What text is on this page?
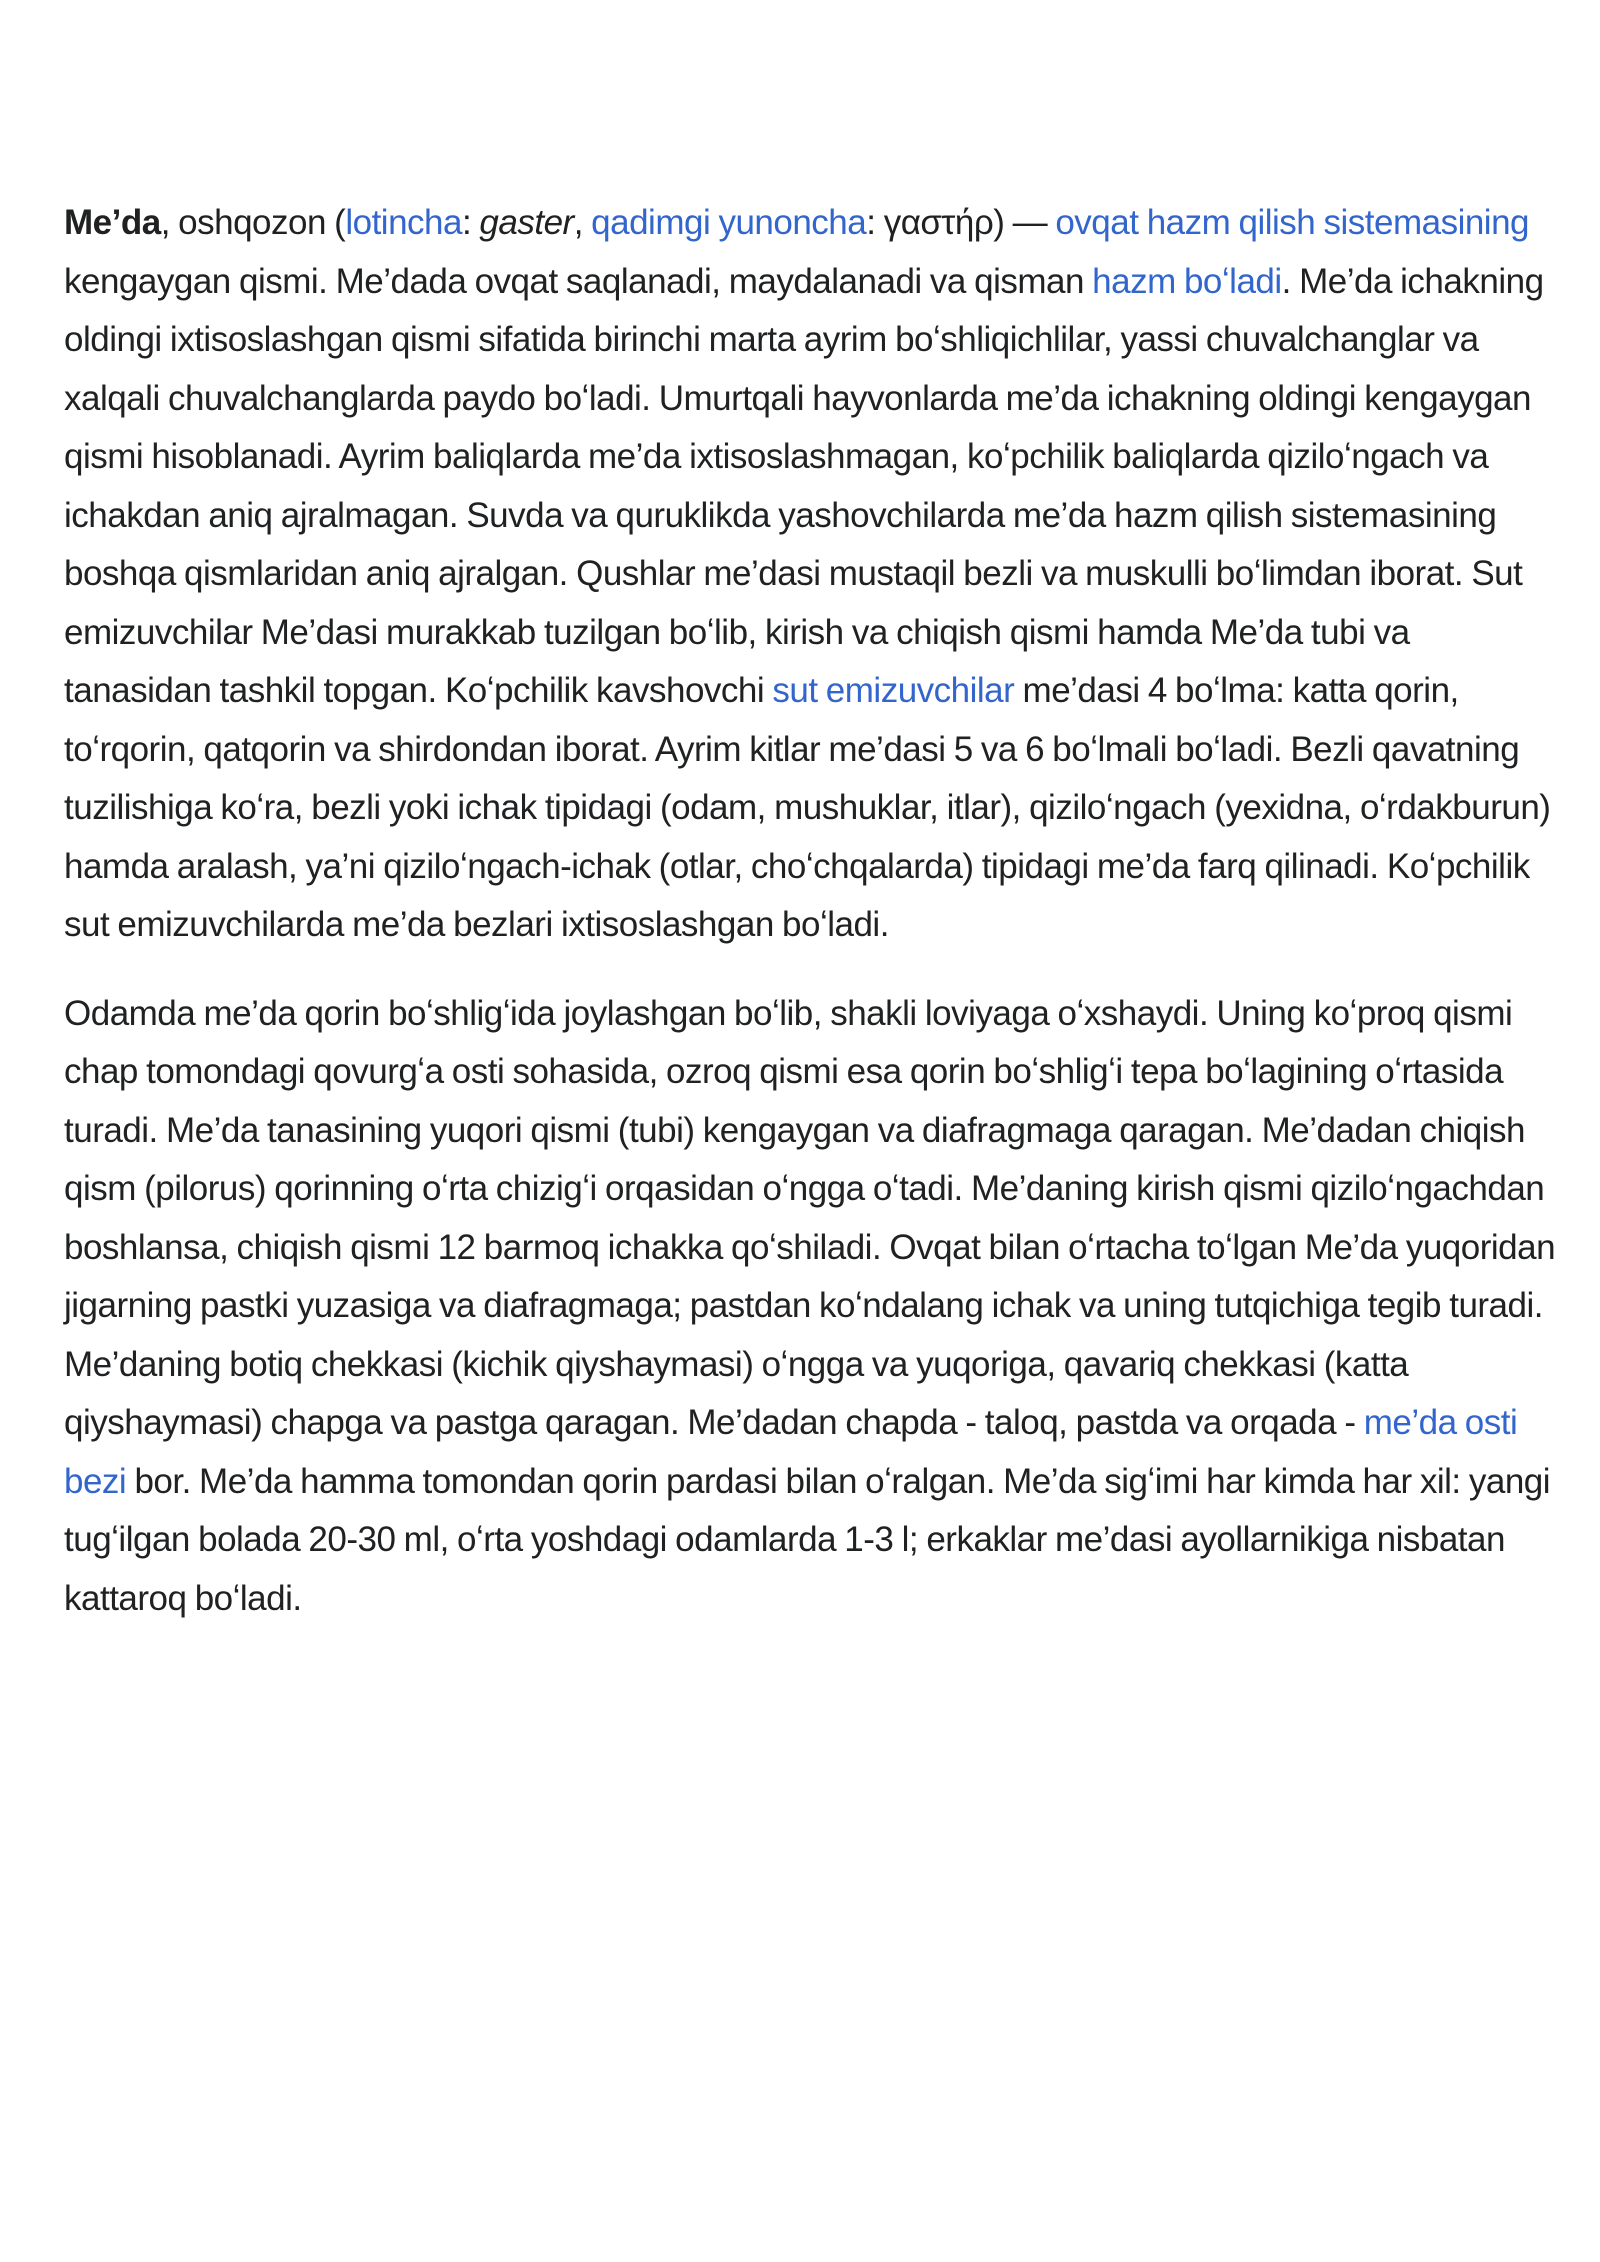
Me’da, oshqozon (lotincha: gaster, qadimgi yunoncha: γαστήρ) — ovqat hazm qilish sistemasining kengaygan qismi. Me’dada ovqat saqlanadi, maydalanadi va qisman hazm boʻladi. Me’da ichakning oldingi ixtisoslashgan qismi sifatida birinchi marta ayrim boʻshliqichlilar, yassi chuvalchanglar va xalqali chuvalchanglarda paydo boʻladi. Umurtqali hayvonlarda me’da ichakning oldingi kengaygan qismi hisoblanadi. Ayrim baliqlarda me’da ixtisoslashmagan, koʻpchilik baliqlarda qiziloʻngach va ichakdan aniq ajralmagan. Suvda va quruklikda yashovchilarda me’da hazm qilish sistemasining boshqa qismlaridan aniq ajralgan. Qushlar me’dasi mustaqil bezli va muskulli boʻlimdan iborat. Sut emizuvchilar Me’dasi murakkab tuzilgan boʻlib, kirish va chiqish qismi hamda Me’da tubi va tanasidan tashkil topgan. Koʻpchilik kavshovchi sut emizuvchilar me’dasi 4 boʻlma: katta qorin, toʻrqorin, qatqorin va shirdondan iborat. Ayrim kitlar me’dasi 5 va 6 boʻlmali boʻladi. Bezli qavatning tuzilishiga koʻra, bezli yoki ichak tipidagi (odam, mushuklar, itlar), qiziloʻngach (yexidna, oʻrdakburun) hamda aralash, ya’ni qiziloʻngach-ichak (otlar, choʻchqalarda) tipidagi me’da farq qilinadi. Koʻpchilik sut emizuvchilarda me’da bezlari ixtisoslashgan boʻladi.

Odamda me’da qorin boʻshligʻida joylashgan boʻlib, shakli loviyaga oʻxshaydi. Uning koʻproq qismi chap tomondagi qovurgʻa osti sohasida, ozroq qismi esa qorin boʻshligʻi tepa boʻlagining oʻrtasida turadi. Me’da tanasining yuqori qismi (tubi) kengaygan va diafragmaga qaragan. Me’dadan chiqish qism (pilorus) qorinning oʻrta chizigʻi orqasidan oʻngga oʻtadi. Me’daning kirish qismi qiziloʻngachdan boshlansa, chiqish qismi 12 barmoq ichakka qoʻshiladi. Ovqat bilan oʻrtacha toʻlgan Me’da yuqoridan jigarning pastki yuzasiga va diafragmaga; pastdan koʻndalang ichak va uning tutqichiga tegib turadi. Me’daning botiq chekkasi (kichik qiyshaymasi) oʻngga va yuqoriga, qavariq chekkasi (katta qiyshaymasi) chapga va pastga qaragan. Me’dadan chapda - taloq, pastda va orqada - me’da osti bezi bor. Me’da hamma tomondan qorin pardasi bilan oʻralgan. Me’da sigʻimi har kimda har xil: yangi tugʻilgan bolada 20-30 ml, oʻrta yoshdagi odamlarda 1-3 l; erkaklar me’dasi ayollarnikiga nisbatan kattaroq boʻladi.
